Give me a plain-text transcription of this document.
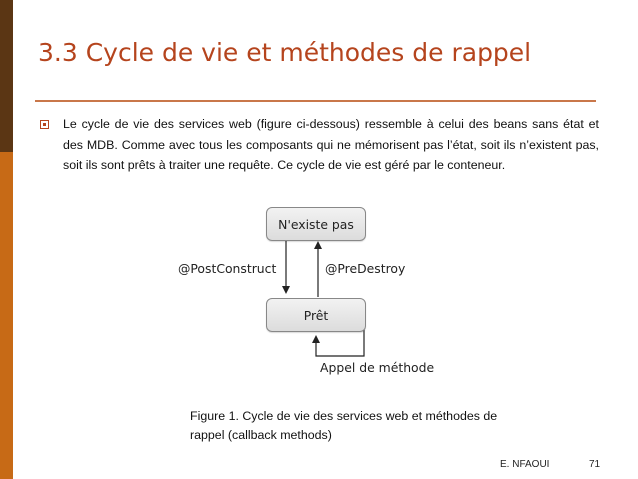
3.3 Cycle de vie et méthodes de rappel
Le cycle de vie des services web (figure ci-dessous) ressemble à celui des beans sans état et des MDB. Comme avec tous les composants qui ne mémorisent pas l’état, soit ils n’existent pas, soit ils sont prêts à traiter une requête. Ce cycle de vie est géré par le conteneur.
N'existe pas
Prêt
@PostConstruct	@PreDestroy
Appel de méthode
Figure 1. Cycle de vie des services web et méthodes de rappel (callback methods)
E. NFAOUI	71
